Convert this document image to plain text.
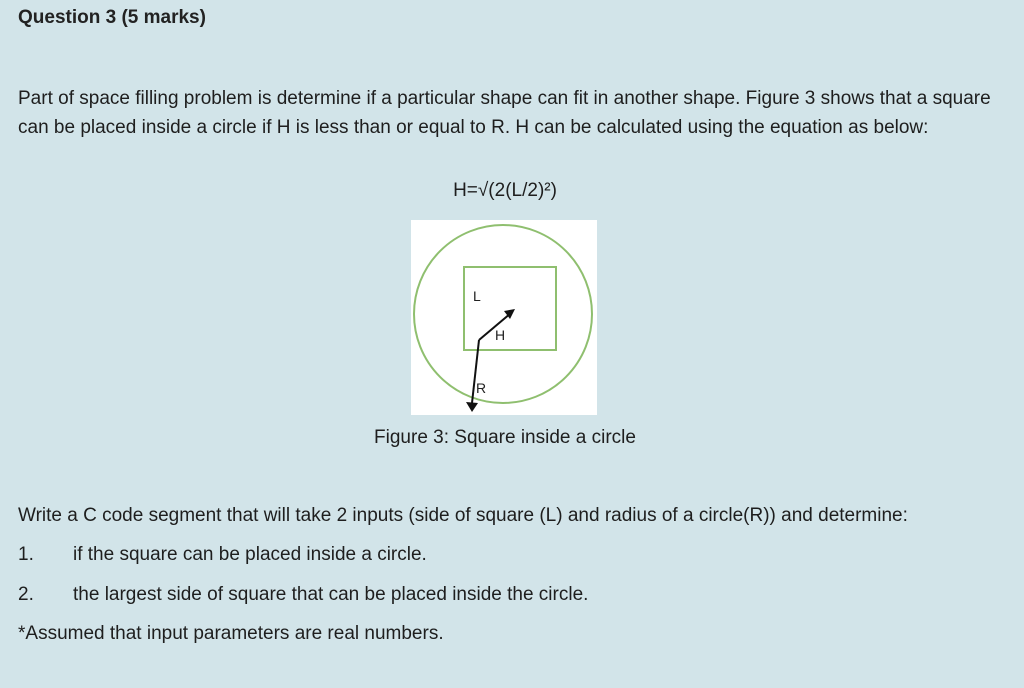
Question 3 (5 marks)

Part of space filling problem is determine if a particular shape can fit in another shape. Figure 3 shows that a square can be placed inside a circle if H is less than or equal to R. H can be calculated using the equation as below:

H=√(2(L/2)²)
L
H
R
Figure 3: Square inside a circle
Write a C code segment that will take 2 inputs (side of square (L) and radius of a circle(R)) and determine:
1. if the square can be placed inside a circle.
2. the largest side of square that can be placed inside the circle.
*Assumed that input parameters are real numbers.
